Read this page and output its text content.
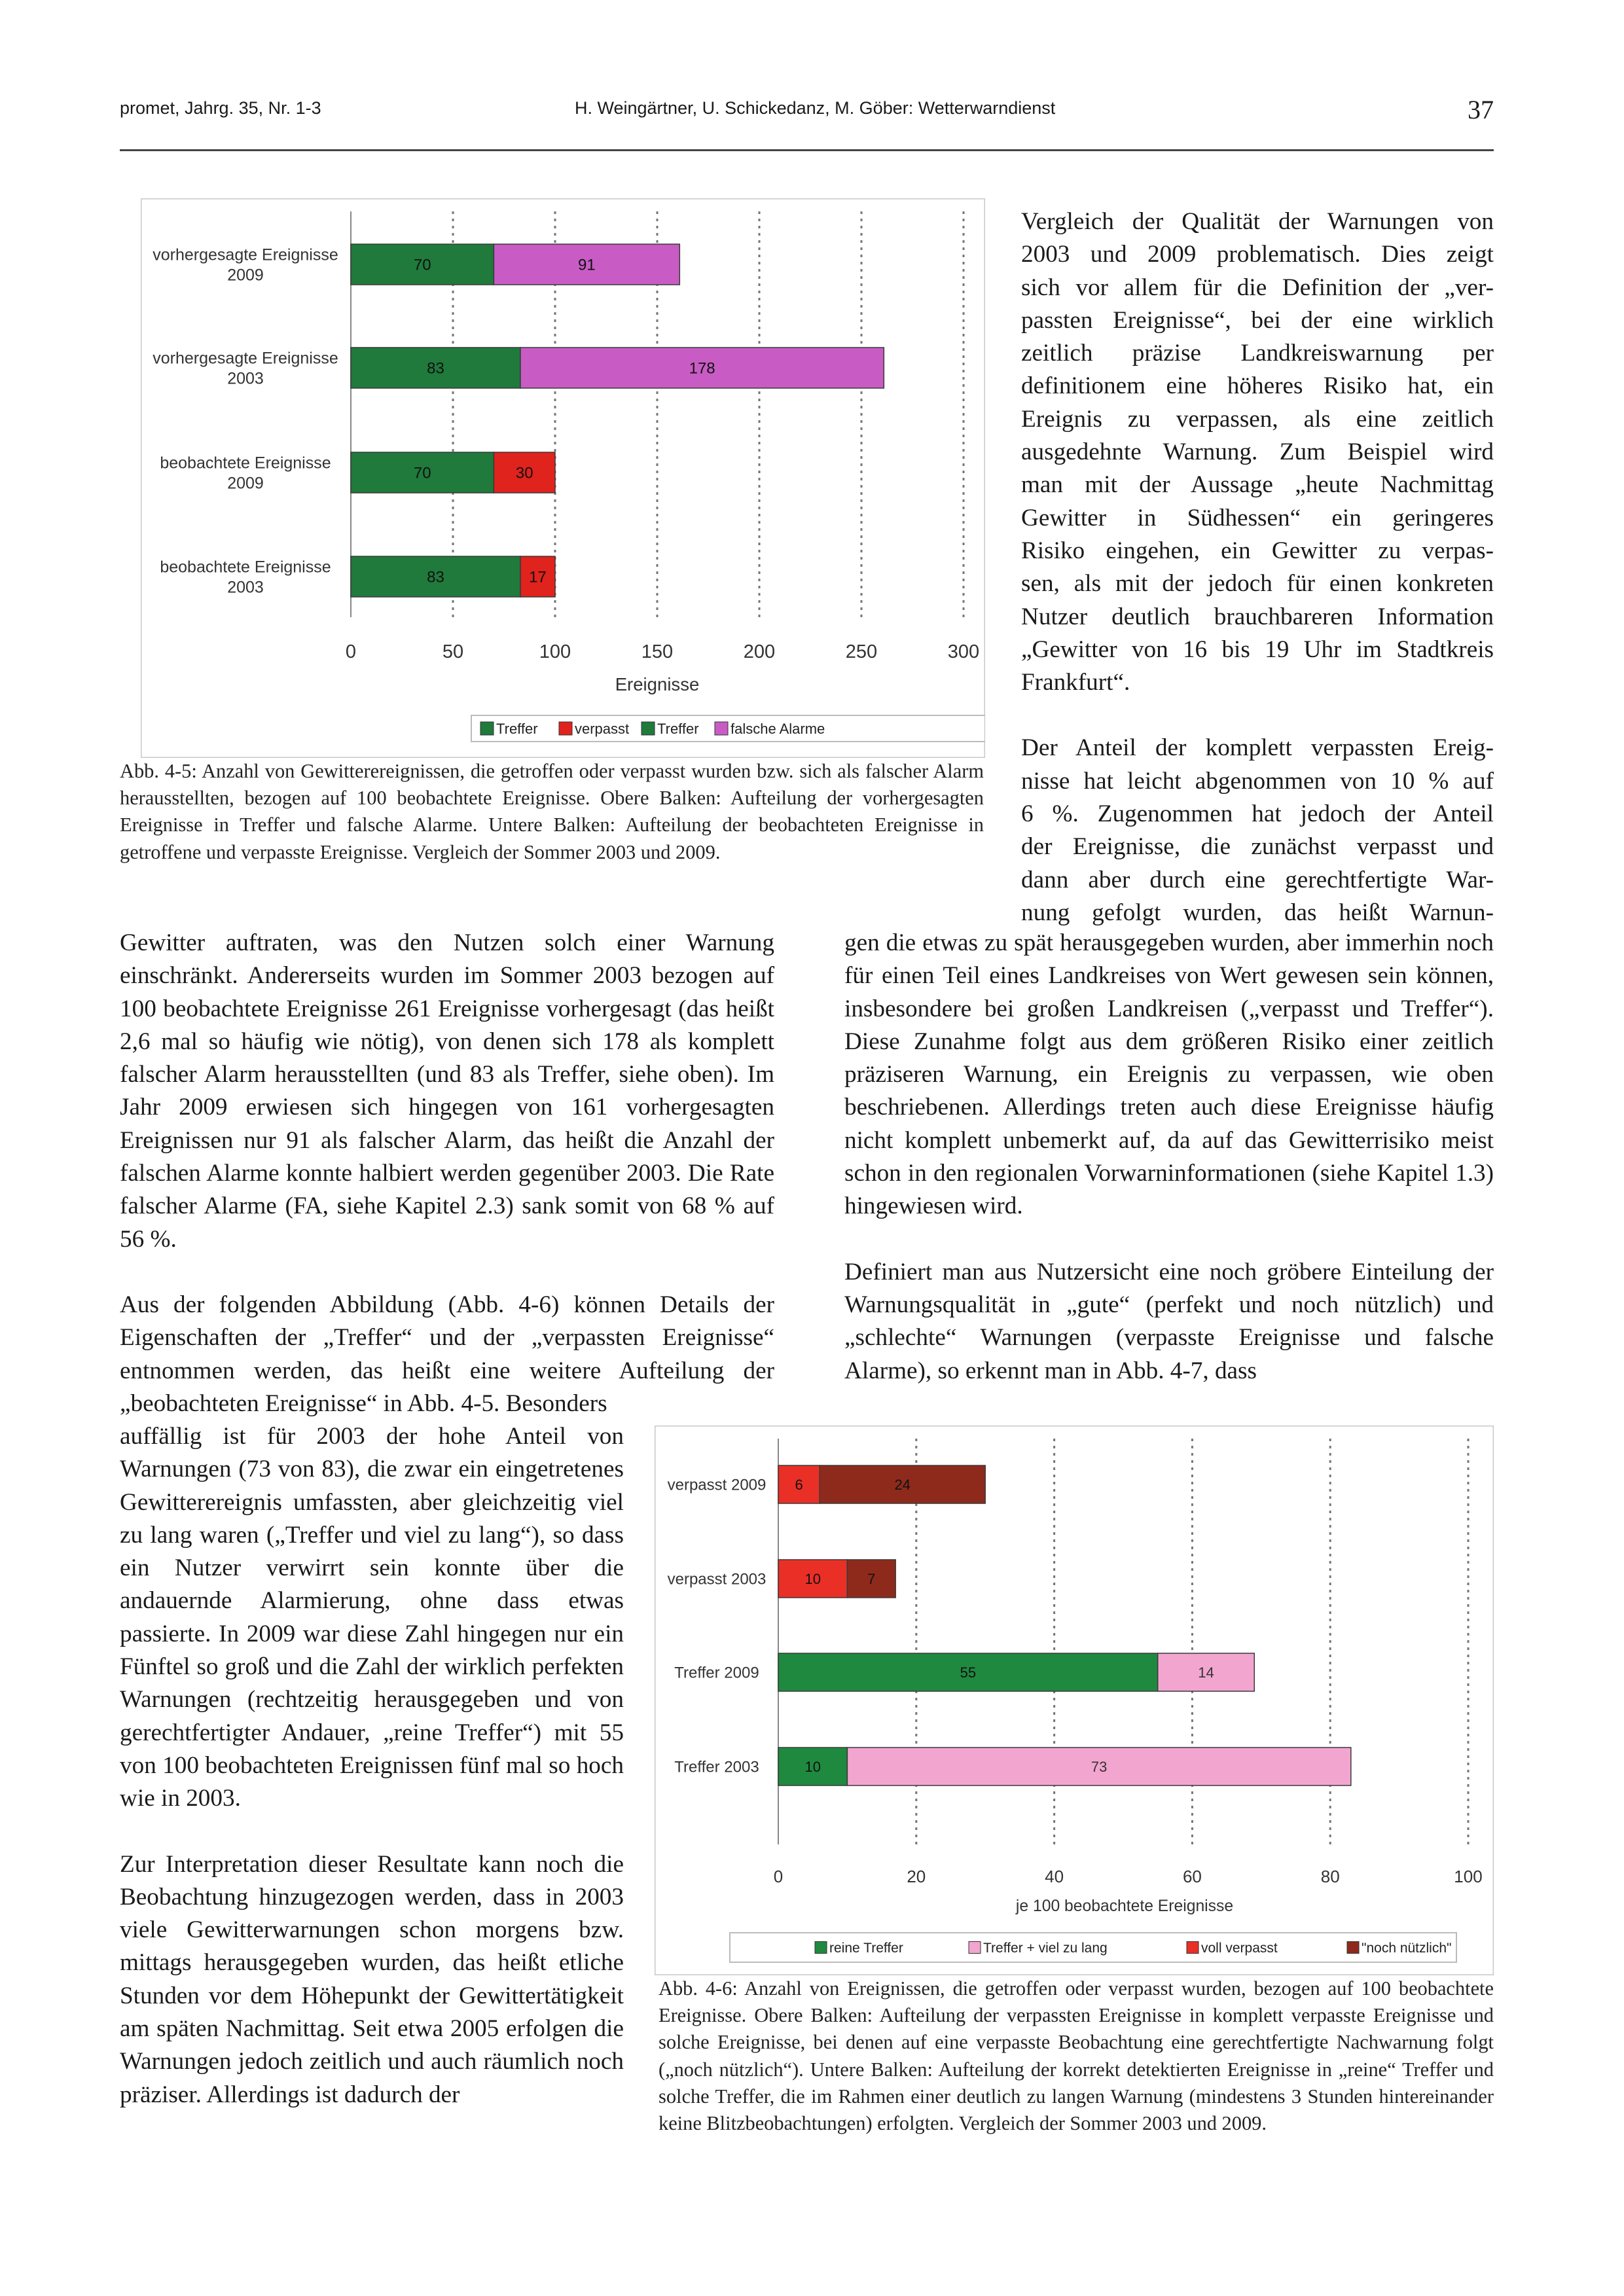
promet, Jahrg. 35, Nr. 1-3	H. Weingärtner, U. Schickedanz, M. Göber: Wetterwarndienst	37
70	91
vorhergesagte Ereignisse
2009
83	178
vorhergesagte Ereignisse
2003
70	30
beobachtete Ereignisse
2009
83	17
beobachtete Ereignisse
2003
0	50	100	150	200	250	300
Ereignisse
Treffer	verpasst Treffer falsche Alarme
Abb. 4-5: Anzahl von Gewitterereignissen, die getroffen oder verpasst wurden bzw. sich als falscher Alarm herausstellten, bezogen auf 100 beobachtete Ereignisse. Obere Balken: Aufteilung der vorhergesagten Ereignisse in Treffer und falsche Alarme. Untere Balken: Aufteilung der beobachteten Ereignisse in getroffene und verpasste Ereignisse. Vergleich der Sommer 2003 und 2009.
Vergleich der Qualität der Warnungen von
2003 und 2009 problematisch. Dies zeigt
sich vor allem für die Definition der „ver-
passten Ereignisse“, bei der eine wirklich
zeitlich präzise Landkreiswarnung per
definitionem eine höheres Risiko hat, ein
Ereignis zu verpassen, als eine zeitlich
ausgedehnte Warnung. Zum Beispiel wird
man mit der Aussage „heute Nachmittag
Gewitter in Südhessen“ ein geringeres
Risiko eingehen, ein Gewitter zu verpas-
sen, als mit der jedoch für einen konkreten
Nutzer deutlich brauchbareren Information
„Gewitter von 16 bis 19 Uhr im Stadtkreis
Frankfurt“.
Der Anteil der komplett verpassten Ereig-
nisse hat leicht abgenommen von 10 % auf
6 %. Zugenommen hat jedoch der Anteil
der Ereignisse, die zunächst verpasst und
dann aber durch eine gerechtfertigte War-
nung gefolgt wurden, das heißt Warnun-

Gewitter auftraten, was den Nutzen solch einer Warnung einschränkt. Andererseits wurden im Sommer 2003 bezogen auf 100 beobachtete Ereignisse 261 Ereignisse vorhergesagt (das heißt 2,6 mal so häufig wie nötig), von denen sich 178 als komplett falscher Alarm herausstellten (und 83 als Treffer, siehe oben). Im Jahr 2009 erwiesen sich hingegen von 161 vorhergesagten Ereignissen nur 91 als falscher Alarm, das heißt die Anzahl der falschen Alarme konnte halbiert werden gegenüber 2003. Die Rate falscher Alarme (FA, siehe Kapitel 2.3) sank somit von 68 % auf 56 %.

Aus der folgenden Abbildung (Abb. 4-6) können Details der Eigenschaften der „Treffer“ und der „verpassten Ereignisse“ entnommen werden, das heißt eine weitere Aufteilung der „beobachteten Ereignisse“ in Abb. 4-5. Besonders

auffällig ist für 2003 der hohe Anteil von Warnungen (73 von 83), die zwar ein eingetretenes Gewitterereignis umfassten, aber gleichzeitig viel zu lang waren („Treffer und viel zu lang“), so dass ein Nutzer verwirrt sein konnte über die andauernde Alarmierung, ohne dass etwas passierte. In 2009 war diese Zahl hingegen nur ein Fünftel so groß und die Zahl der wirklich perfekten Warnungen (rechtzeitig herausgegeben und von gerechtfertigter Andauer, „reine Treffer“) mit 55 von 100 beobachteten Ereignissen fünf mal so hoch wie in 2003.

Zur Interpretation dieser Resultate kann noch die Beobachtung hinzugezogen werden, dass in 2003 viele Gewitterwarnungen schon morgens bzw. mittags herausgegeben wurden, das heißt etliche Stunden vor dem Höhepunkt der Gewittertätigkeit am späten Nachmittag. Seit etwa 2005 erfolgen die Warnungen jedoch zeitlich und auch räumlich noch präziser. Allerdings ist dadurch der

gen die etwas zu spät herausgegeben wurden, aber immerhin noch für einen Teil eines Landkreises von Wert gewesen sein können, insbesondere bei großen Landkreisen („verpasst und Treffer“). Diese Zunahme folgt aus dem größeren Risiko einer zeitlich präziseren Warnung, ein Ereignis zu verpassen, wie oben beschriebenen. Allerdings treten auch diese Ereignisse häufig nicht komplett unbemerkt auf, da auf das Gewitterrisiko meist schon in den regionalen Vorwarninformationen (siehe Kapitel 1.3) hingewiesen wird.

Definiert man aus Nutzersicht eine noch gröbere Einteilung der Warnungsqualität in „gute“ (perfekt und noch nützlich) und „schlechte“ Warnungen (verpasste Ereignisse und falsche Alarme), so erkennt man in Abb. 4-7, dass

6	24
verpasst 2009
10	7
verpasst 2003
55	14
Treffer 2009
10	73
Treffer 2003
0	20	40	60	80	100
je 100 beobachtete Ereignisse
reine Treffer	Treffer + viel zu lang	voll verpasst	"noch nützlich"
Abb. 4-6: Anzahl von Ereignissen, die getroffen oder verpasst wurden, bezogen auf 100 beobachtete Ereignisse. Obere Balken: Aufteilung der verpassten Ereignisse in komplett verpasste Ereignisse und solche Ereignisse, bei denen auf eine verpasste Beobachtung eine gerechtfertigte Nachwarnung folgt („noch nützlich“). Untere Balken: Aufteilung der korrekt detektierten Ereignisse in „reine“ Treffer und solche Treffer, die im Rahmen einer deutlich zu langen Warnung (mindestens 3 Stunden hintereinander keine Blitzbeobachtungen) erfolgten. Vergleich der Sommer 2003 und 2009.
